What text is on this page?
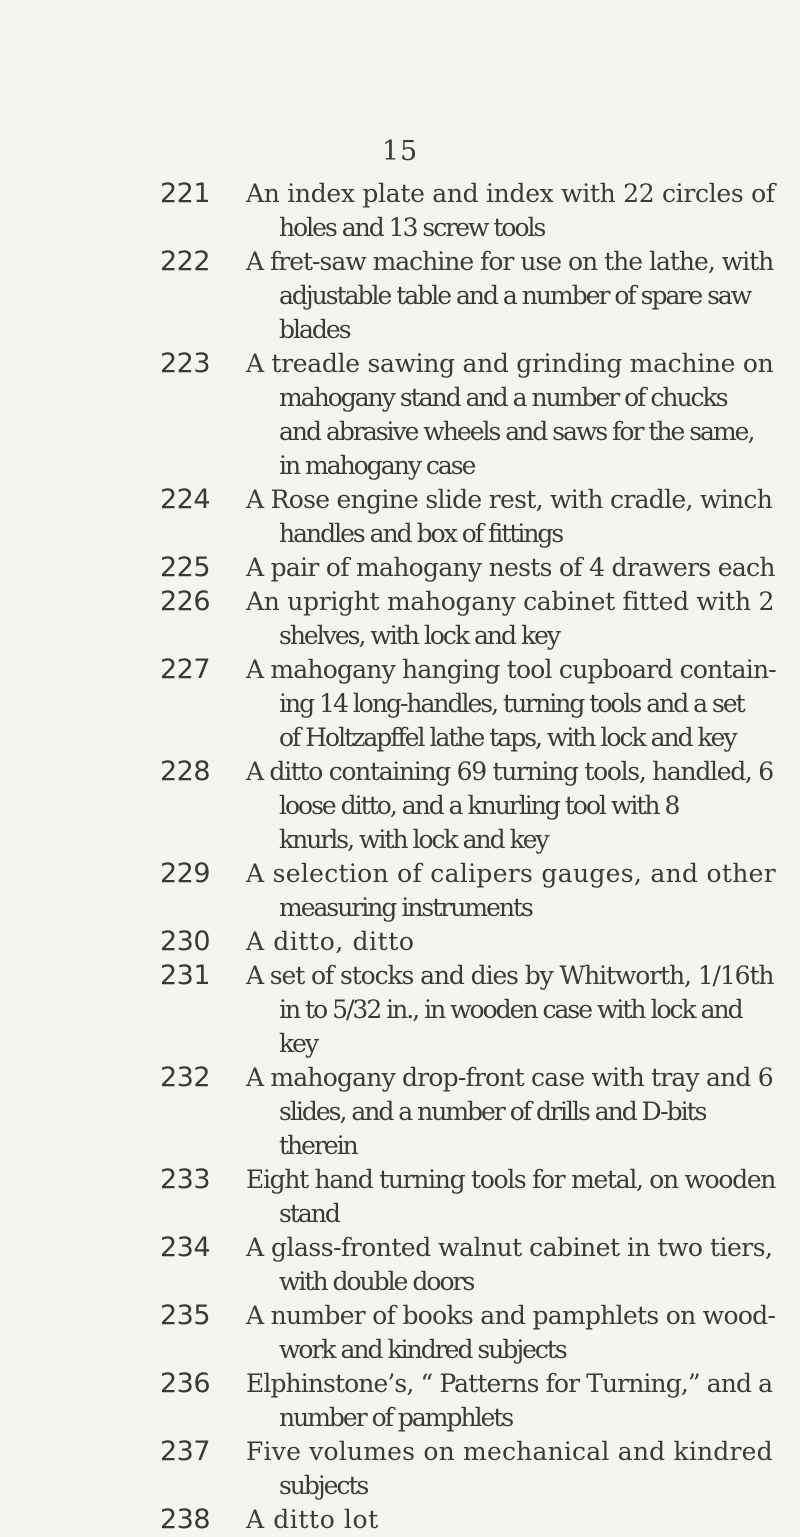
15
221 An index plate and index with 22 circles of
holes and 13 screw tools
222 A fret-saw machine for use on the lathe, with
adjustable table and a number of spare saw
blades
223 A treadle sawing and grinding machine on
mahogany stand and a number of chucks
and abrasive wheels and saws for the same,
in mahogany case
224 A Rose engine slide rest, with cradle, winch
handles and box of fittings
225 A pair of mahogany nests of 4 drawers each
226 An upright mahogany cabinet fitted with 2
shelves, with lock and key
227 A mahogany hanging tool cupboard contain-
ing 14 long-handles, turning tools and a set
of Holtzapffel lathe taps, with lock and key
228 A ditto containing 69 turning tools, handled, 6
loose ditto, and a knurling tool with 8
knurls, with lock and key
229 A selection of calipers gauges, and other
measuring instruments
230 A ditto, ditto
231 A set of stocks and dies by Whitworth, 1/16th
in to 5/32 in., in wooden case with lock and
key
232 A mahogany drop-front case with tray and 6
slides, and a number of drills and D-bits
therein
233 Eight hand turning tools for metal, on wooden
stand
234 A glass-fronted walnut cabinet in two tiers,
with double doors
235 A number of books and pamphlets on wood-
work and kindred subjects
236 Elphinstone’s, “ Patterns for Turning,” and a
number of pamphlets
237 Five volumes on mechanical and kindred
subjects
238 A ditto lot
